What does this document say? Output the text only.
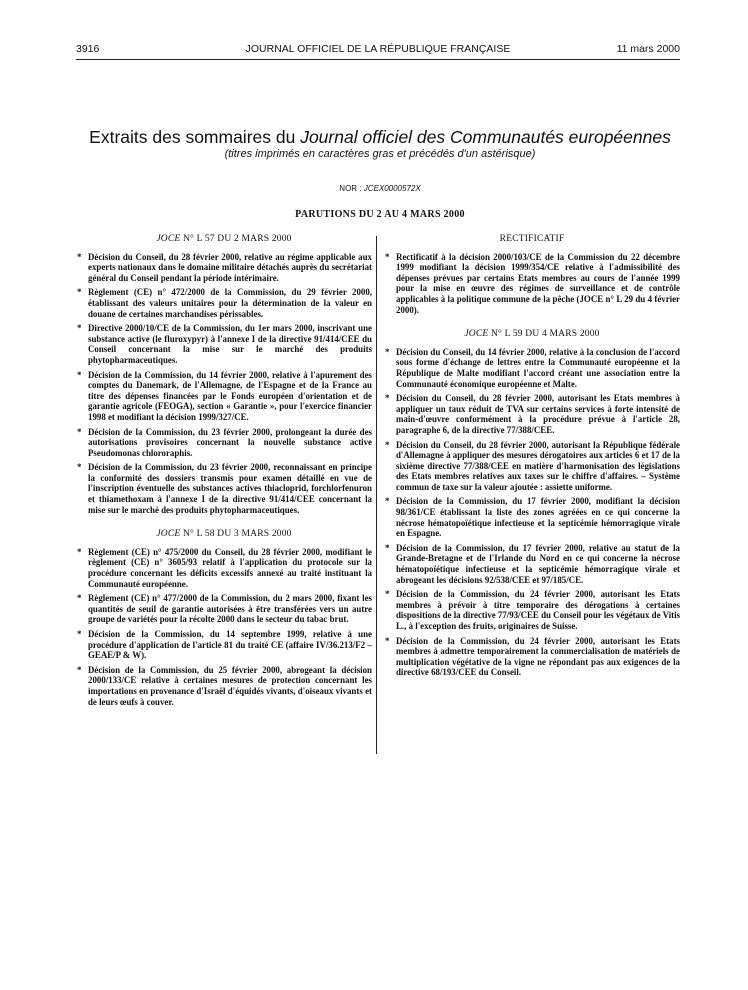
3916	JOURNAL OFFICIEL DE LA RÉPUBLIQUE FRANÇAISE	11 mars 2000
Extraits des sommaires du Journal officiel des Communautés européennes
(titres imprimés en caractères gras et précédés d'un astérisque)
NOR : JCEX0000572X
PARUTIONS DU 2 AU 4 MARS 2000
JOCE N° L 57 DU 2 MARS 2000
* Décision du Conseil, du 28 février 2000, relative au régime applicable aux experts nationaux dans le domaine militaire détachés auprès du secrétariat général du Conseil pendant la période intérimaire.
* Règlement (CE) n° 472/2000 de la Commission, du 29 février 2000, établissant des valeurs unitaires pour la détermination de la valeur en douane de certaines marchandises périssables.
* Directive 2000/10/CE de la Commission, du 1er mars 2000, inscrivant une substance active (le fluroxypyr) à l'annexe I de la directive 91/414/CEE du Conseil concernant la mise sur le marché des produits phytopharmaceutiques.
* Décision de la Commission, du 14 février 2000, relative à l'apurement des comptes du Danemark, de l'Allemagne, de l'Espagne et de la France au titre des dépenses financées par le Fonds européen d'orientation et de garantie agricole (FEOGA), section « Garantie », pour l'exercice financier 1998 et modifiant la décision 1999/327/CE.
* Décision de la Commission, du 23 février 2000, prolongeant la durée des autorisations provisoires concernant la nouvelle substance active Pseudomonas chlororaphis.
* Décision de la Commission, du 23 février 2000, reconnaissant en principe la conformité des dossiers transmis pour examen détaillé en vue de l'inscription éventuelle des substances actives thiacloprid, forchlorfenuron et thiamethoxam à l'annexe I de la directive 91/414/CEE concernant la mise sur le marché des produits phytopharmaceutiques.
JOCE N° L 58 DU 3 MARS 2000
* Règlement (CE) n° 475/2000 du Conseil, du 28 février 2000, modifiant le règlement (CE) n° 3605/93 relatif à l'application du protocole sur la procédure concernant les déficits excessifs annexé au traité instituant la Communauté européenne.
* Règlement (CE) n° 477/2000 de la Commission, du 2 mars 2000, fixant les quantités de seuil de garantie autorisées à être transférées vers un autre groupe de variétés pour la récolte 2000 dans le secteur du tabac brut.
* Décision de la Commission, du 14 septembre 1999, relative à une procédure d'application de l'article 81 du traité CE (affaire IV/36.213/F2 – GEAE/P & W).
* Décision de la Commission, du 25 février 2000, abrogeant la décision 2000/133/CE relative à certaines mesures de protection concernant les importations en provenance d'Israël d'équidés vivants, d'oiseaux vivants et de leurs œufs à couver.
RECTIFICATIF
* Rectificatif à la décision 2000/103/CE de la Commission du 22 décembre 1999 modifiant la décision 1999/354/CE relative à l'admissibilité des dépenses prévues par certains Etats membres au cours de l'année 1999 pour la mise en œuvre des régimes de surveillance et de contrôle applicables à la politique commune de la pêche (JOCE n° L 29 du 4 février 2000).
JOCE N° L 59 DU 4 MARS 2000
* Décision du Conseil, du 14 février 2000, relative à la conclusion de l'accord sous forme d'échange de lettres entre la Communauté européenne et la République de Malte modifiant l'accord créant une association entre la Communauté économique européenne et Malte.
* Décision du Conseil, du 28 février 2000, autorisant les Etats membres à appliquer un taux réduit de TVA sur certains services à forte intensité de main-d'œuvre conformément à la procédure prévue à l'article 28, paragraphe 6, de la directive 77/388/CEE.
* Décision du Conseil, du 28 février 2000, autorisant la République fédérale d'Allemagne à appliquer des mesures dérogatoires aux articles 6 et 17 de la sixième directive 77/388/CEE en matière d'harmonisation des législations des Etats membres relatives aux taxes sur le chiffre d'affaires. – Système commun de taxe sur la valeur ajoutée : assiette uniforme.
* Décision de la Commission, du 17 février 2000, modifiant la décision 98/361/CE établissant la liste des zones agréées en ce qui concerne la nécrose hématopoïétique infectieuse et la septicémie hémorragique virale en Espagne.
* Décision de la Commission, du 17 février 2000, relative au statut de la Grande-Bretagne et de l'Irlande du Nord en ce qui concerne la nécrose hématopoïétique infectieuse et la septicémie hémorragique virale et abrogeant les décisions 92/538/CEE et 97/185/CE.
* Décision de la Commission, du 24 février 2000, autorisant les Etats membres à prévoir à titre temporaire des dérogations à certaines dispositions de la directive 77/93/CEE du Conseil pour les végétaux de Vitis L., à l'exception des fruits, originaires de Suisse.
* Décision de la Commission, du 24 février 2000, autorisant les Etats membres à admettre temporairement la commercialisation de matériels de multiplication végétative de la vigne ne répondant pas aux exigences de la directive 68/193/CEE du Conseil.
